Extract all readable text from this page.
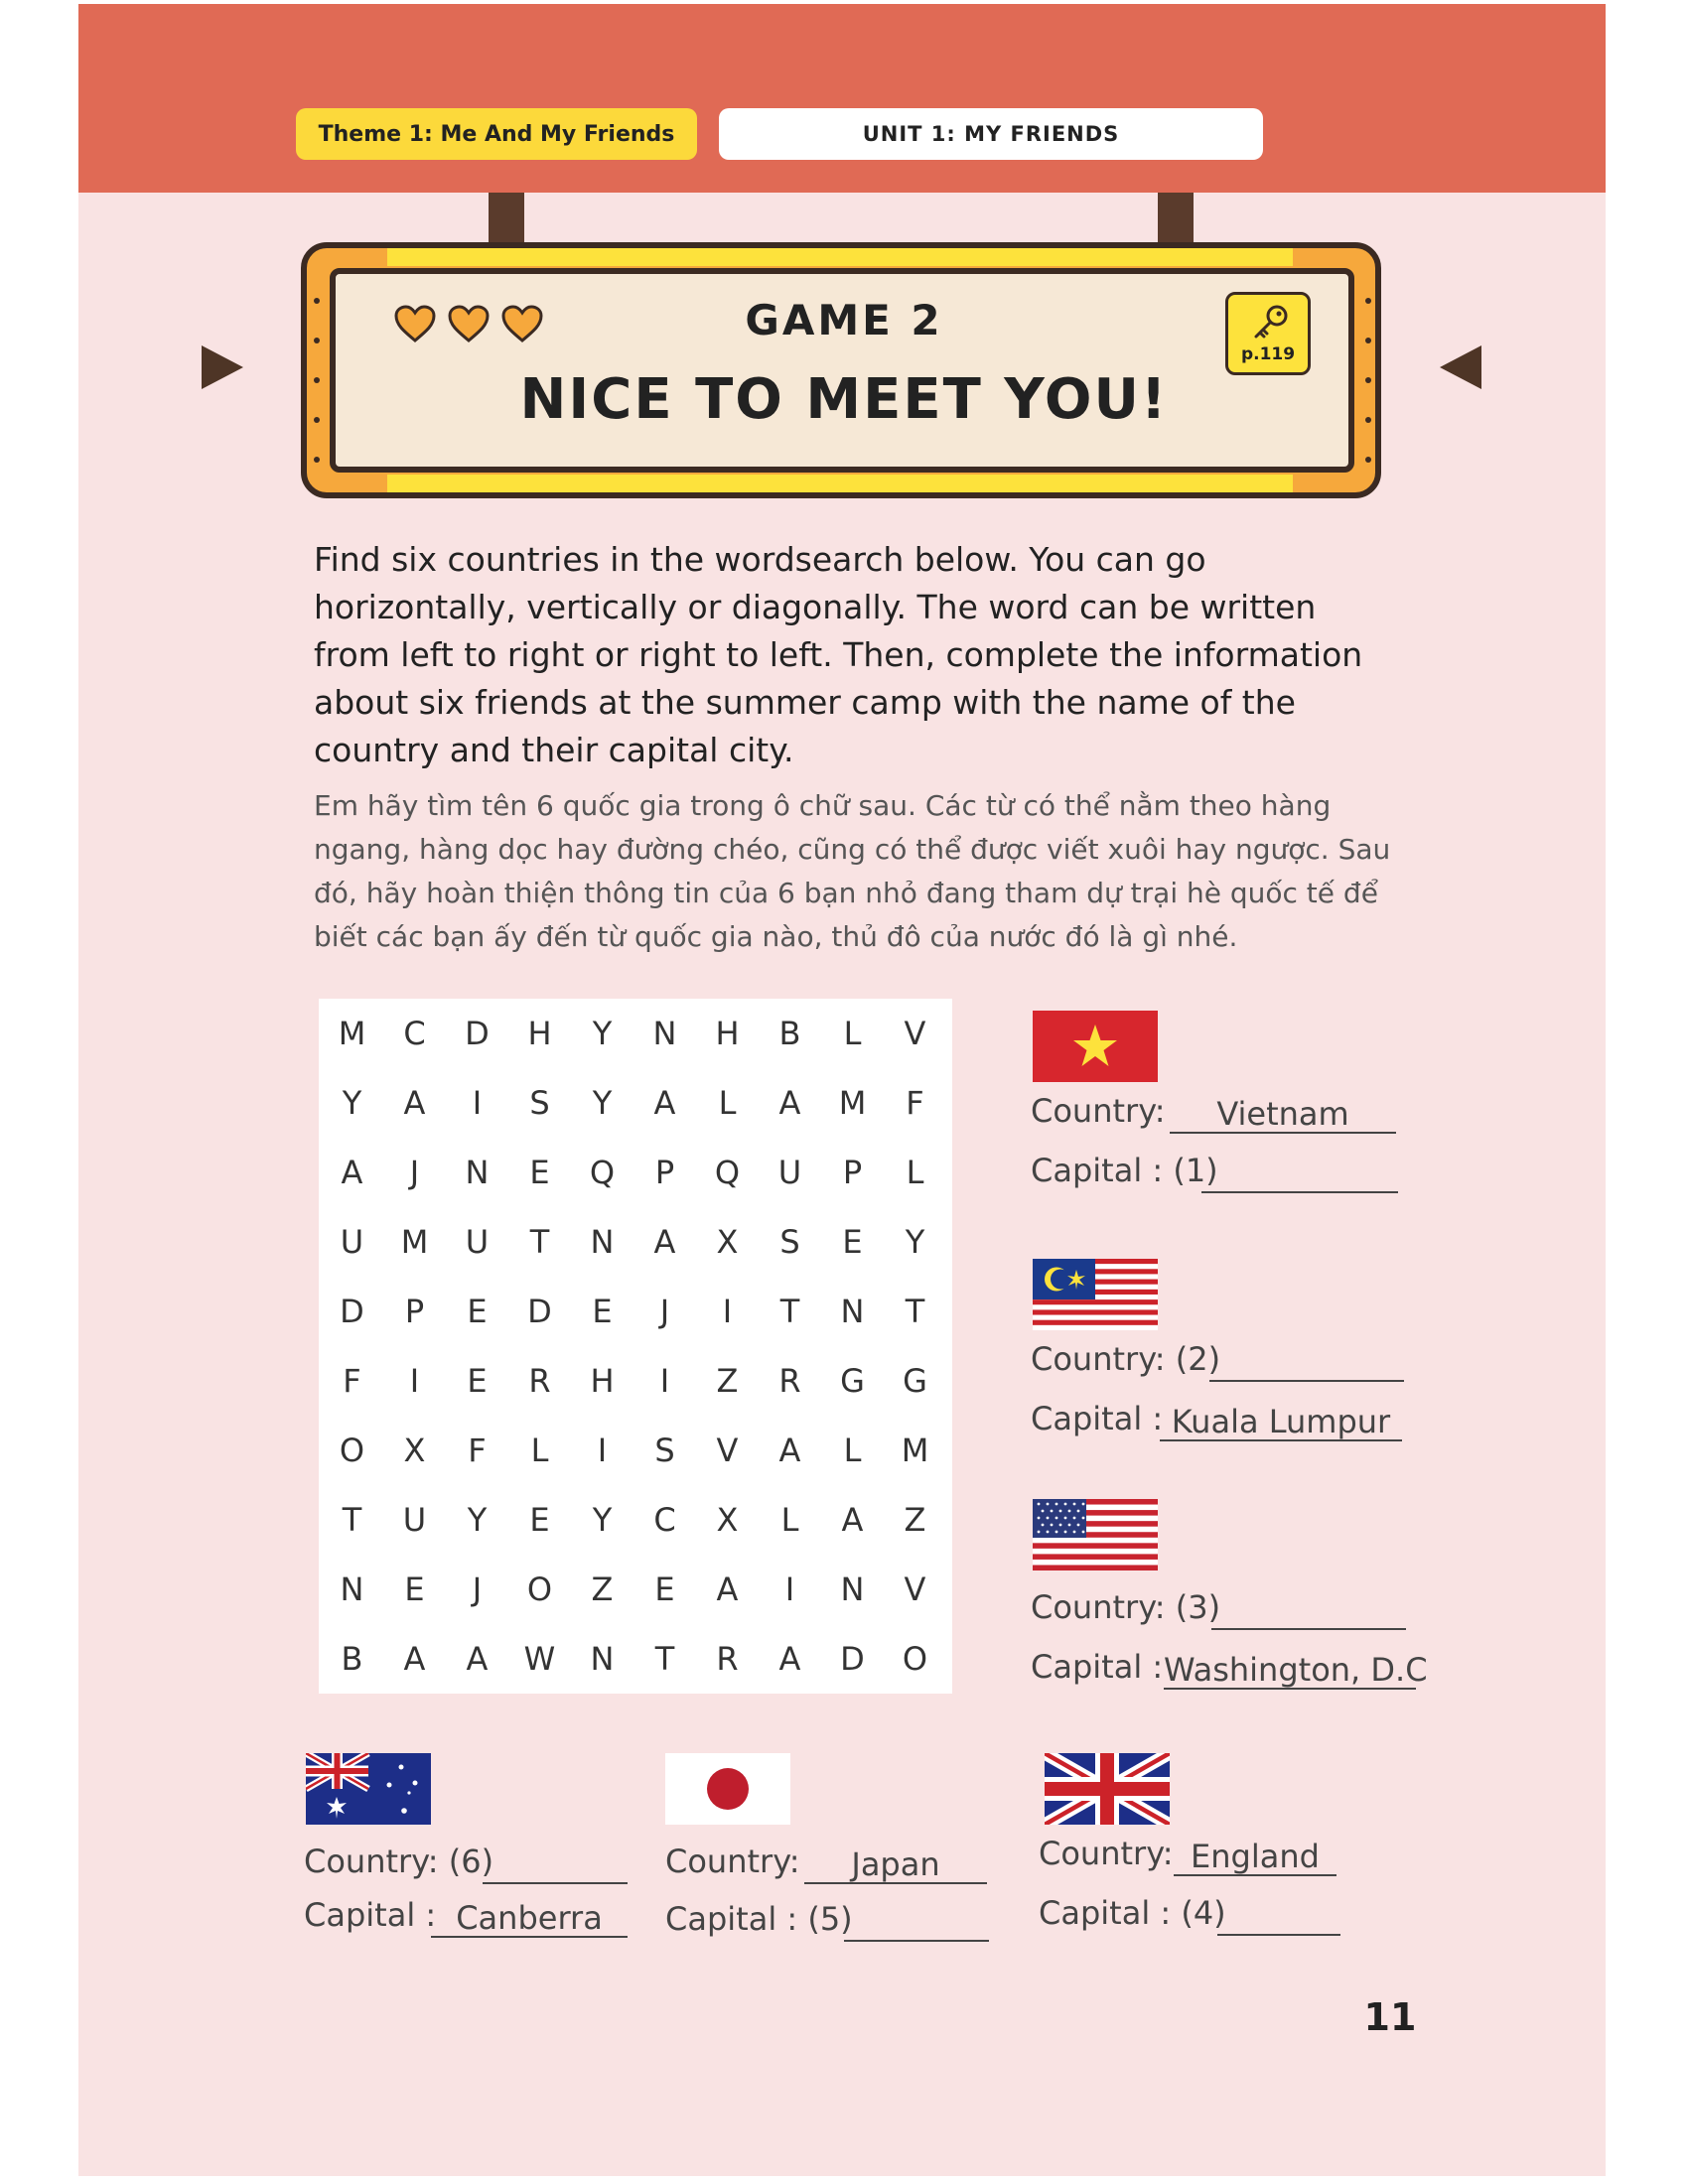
Theme 1: Me And My Friends	UNIT 1: MY FRIENDS
GAME 2
NICE TO MEET YOU!
p.119
Find six countries in the wordsearch below. You can go horizontally, vertically or diagonally. The word can be written from left to right or right to left. Then, complete the information about six friends at the summer camp with the name of the country and their capital city.
Em hãy tìm tên 6 quốc gia trong ô chữ sau. Các từ có thể nằm theo hàng ngang, hàng dọc hay đường chéo, cũng có thể được viết xuôi hay ngược. Sau đó, hãy hoàn thiện thông tin của 6 bạn nhỏ đang tham dự trại hè quốc tế để biết các bạn ấy đến từ quốc gia nào, thủ đô của nước đó là gì nhé.
M	C	D	H	Y	N	H	B	L	V
Y	A	I	S	Y	A	L	A	M	F
A	J	N	E	Q	P	Q	U	P	L
U	M	U	T	N	A	X	S	E	Y
D	P	E	D	E	J	I	T	N	T
F	I	E	R	H	I	Z	R	G	G
O	X	F	L	I	S	V	A	L	M
T	U	Y	E	Y	C	X	L	A	Z
N	E	J	O	Z	E	A	I	N	V
B	A	A	W	N	T	R	A	D	O
Country:	Vietnam
Capital : (1)
Country: (2)
Capital : Kuala Lumpur
Country: (3)
Capital : Washington, D.C
Country: (6)
Capital : Canberra
Country:	Japan
Capital : (5)
Country: England
Capital : (4)
11
